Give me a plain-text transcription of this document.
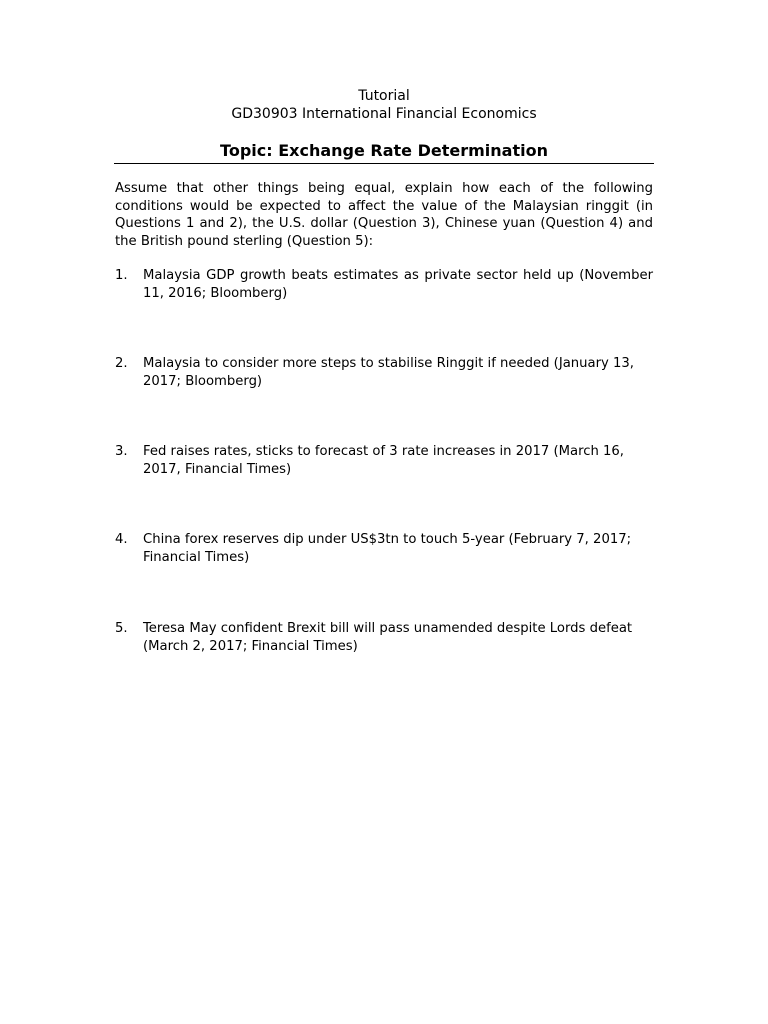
Tutorial
GD30903 International Financial Economics
Topic: Exchange Rate Determination

Assume that other things being equal, explain how each of the following conditions would be expected to affect the value of the Malaysian ringgit (in Questions 1 and 2), the U.S. dollar (Question 3), Chinese yuan (Question 4) and the British pound sterling (Question 5):

1.	Malaysia GDP growth beats estimates as private sector held up (November 11, 2016; Bloomberg)
2.	Malaysia to consider more steps to stabilise Ringgit if needed (January 13, 2017; Bloomberg)
3.	Fed raises rates, sticks to forecast of 3 rate increases in 2017 (March 16, 2017, Financial Times)
4.	China forex reserves dip under US$3tn to touch 5-year (February 7, 2017; Financial Times)
5.	Teresa May confident Brexit bill will pass unamended despite Lords defeat (March 2, 2017; Financial Times)
